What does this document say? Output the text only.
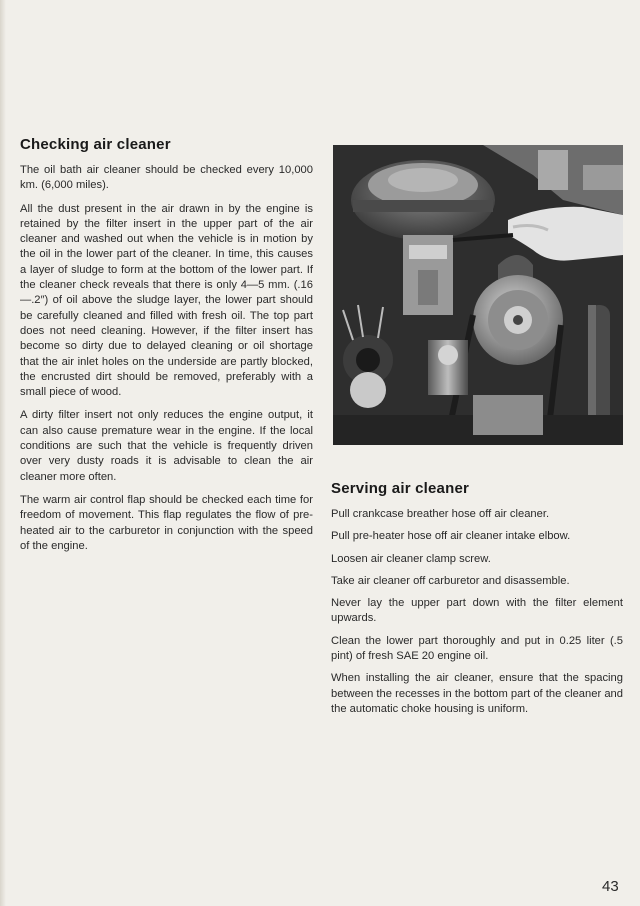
Checking air cleaner

The oil bath air cleaner should be checked every 10,000 km. (6,000 miles).

All the dust present in the air drawn in by the engine is retained by the filter insert in the upper part of the air cleaner and washed out when the vehicle is in motion by the oil in the lower part of the cleaner. In time, this causes a layer of sludge to form at the bottom of the lower part. If the cleaner check reveals that there is only 4—5 mm. (.16—.2″) of oil above the sludge layer, the lower part should be carefully cleaned and filled with fresh oil. The top part does not need cleaning. However, if the filter insert has become so dirty due to delayed cleaning or oil shortage that the air inlet holes on the underside are partly blocked, the encrusted dirt should be removed, preferably with a small piece of wood.

A dirty filter insert not only reduces the engine output, it can also cause premature wear in the engine. If the local conditions are such that the vehicle is frequently driven over very dusty roads it is advisable to clean the air cleaner more often.

The warm air control flap should be checked each time for freedom of movement. This flap regulates the flow of pre-heated air to the carburetor in conjunction with the speed of the engine.

Serving air cleaner

Pull crankcase breather hose off air cleaner.

Pull pre-heater hose off air cleaner intake elbow.

Loosen air cleaner clamp screw.

Take air cleaner off carburetor and disassemble.

Never lay the upper part down with the filter element upwards.

Clean the lower part thoroughly and put in 0.25 liter (.5 pint) of fresh SAE 20 engine oil.

When installing the air cleaner, ensure that the spacing between the recesses in the bottom part of the cleaner and the automatic choke housing is uniform.

43
